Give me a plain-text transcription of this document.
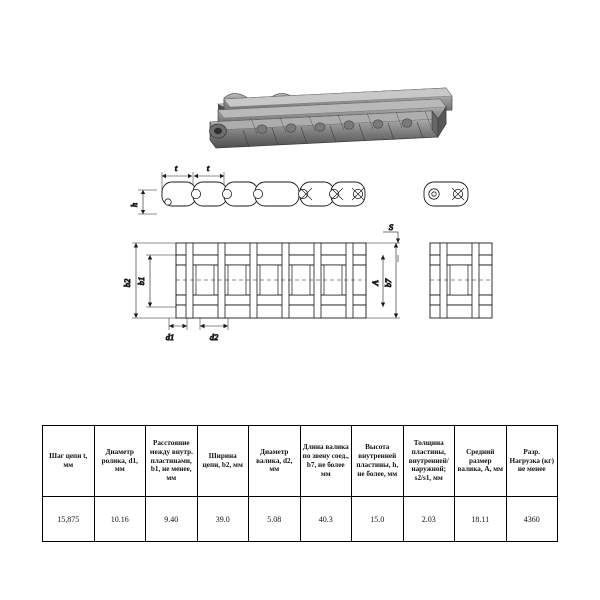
t	t
h
b2 b1
d1	d2
S
A b7
Шаг цепи t, мм	Диаметр ролика, d1, мм	Расстояние между внутр. пластинами, b1, не менее, мм	Ширина цепи, b2, мм	Диаметр валика, d2, мм	Длина валика по звену соед., b7, не более мм	Высота внутренней пластины, h, не более, мм	Толщина пластины, внутренней/наружной; s2/s1, мм	Средний размер валика, A, мм	Разр. Нагрузка (кг) не менее
15,875	10.16	9.40	39.0	5.08	40.3	15.0	2.03	18.11	4360
